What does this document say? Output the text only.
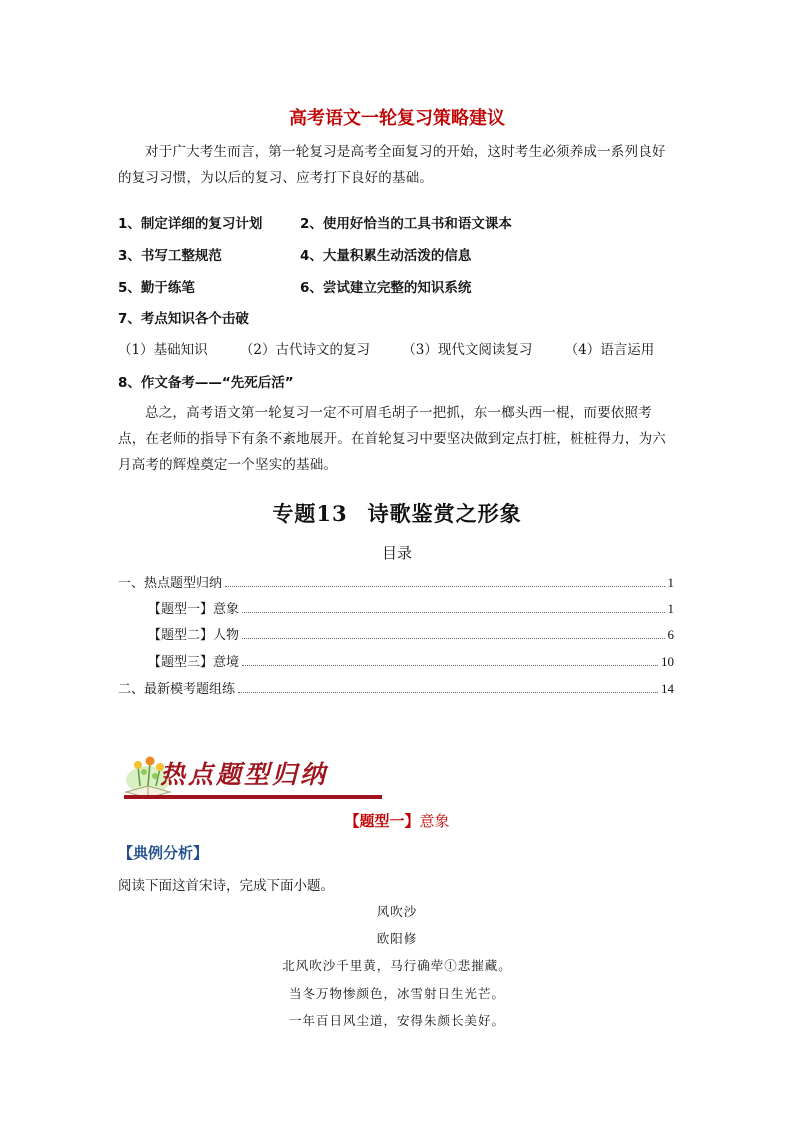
高考语文一轮复习策略建议
对于广大考生而言，第一轮复习是高考全面复习的开始，这时考生必须养成一系列良好的复习习惯，为以后的复习、应考打下良好的基础。
1、制定详细的复习计划	2、使用好恰当的工具书和语文课本
3、书写工整规范	4、大量积累生动活泼的信息
5、勤于练笔	6、尝试建立完整的知识系统
7、考点知识各个击破
（1）基础知识 （2）古代诗文的复习 （3）现代文阅读复习 （4）语言运用
8、作文备考——“先死后活”
总之，高考语文第一轮复习一定不可眉毛胡子一把抓，东一榔头西一棍，而要依照考点，在老师的指导下有条不紊地展开。在首轮复习中要坚决做到定点打桩，桩桩得力，为六月高考的辉煌奠定一个坚实的基础。
专题13 诗歌鉴赏之形象
目录
一、热点题型归纳	1
【题型一】意象	1
【题型二】人物	6
【题型三】意境	10
二、最新模考题组练	14
热点题型归纳
【题型一】意象
【典例分析】
阅读下面这首宋诗，完成下面小题。
风吹沙
欧阳修
北风吹沙千里黄，马行确荦①悲摧藏。
当冬万物惨颜色，冰雪射日生光芒。
一年百日风尘道，安得朱颜长美好。
